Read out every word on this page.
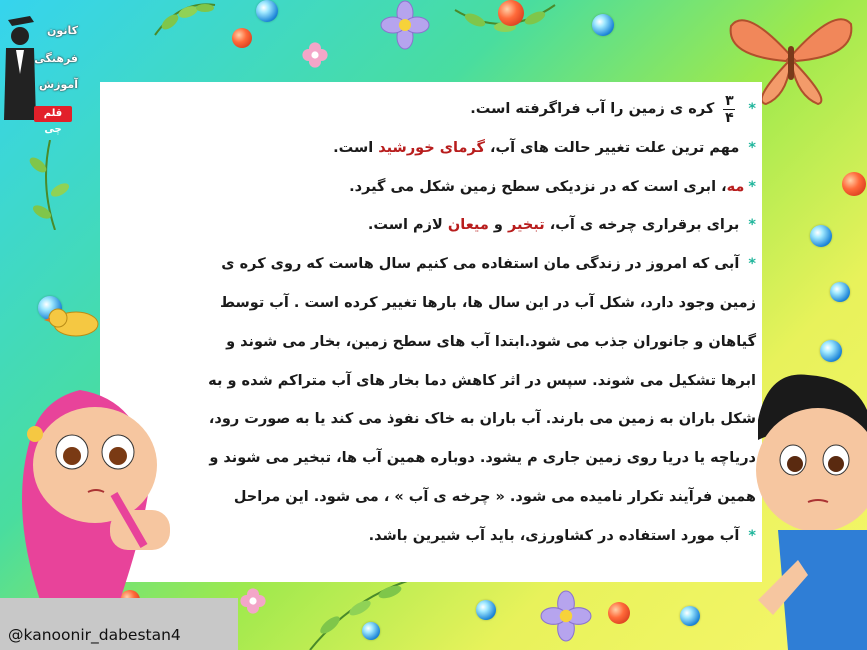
کانون
فرهنگی
آموزش
قلم چی
*
$\frac{۳}{۴}$
کره ی زمین را آب فراگرفته است.
* مهم ترین علت تغییر حالت های آب، گرمای خورشید است.
*مه، ابری است که در نزدیکی سطح زمین شکل می گیرد.
* برای برقراری چرخه ی آب، تبخیر و میعان لازم است.
* آبی که امروز در زندگی مان استفاده می کنیم سال هاست که روی کره ی
زمین وجود دارد، شکل آب در این سال ها، بارها تغییر کرده است . آب توسط
گیاهان و جانوران جذب می شود.ابتدا آب های سطح زمین، بخار می شوند و
ابرها تشکیل می شوند. سپس در اثر کاهش دما بخار های آب متراکم شده و به
شکل باران به زمین می بارند. آب باران به خاک نفوذ می کند یا به صورت رود،
دریاچه یا دریا روی زمین جاری م یشود. دوباره همین آب ها، تبخیر می شوند و
همین فرآیند تکرار نامیده می شود. « چرخه ی آب » ، می شود. این مراحل
* آب مورد استفاده در کشاورزی، باید آب شیرین باشد.
@kanoonir_dabestan4
